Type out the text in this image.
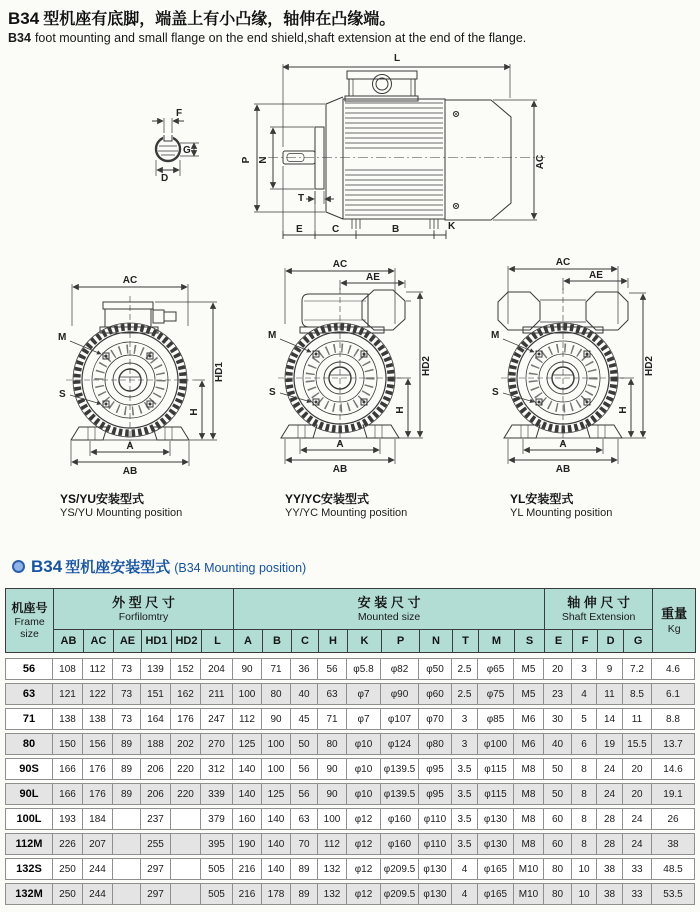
B34 型机座有底脚，端盖上有小凸缘，轴伸在凸缘端。
B34 foot mounting and small flange on the end shield,shaft extension at the end of the flange.
F
G
D
L
AC
P N
T
E	C	B	K
AC
HD1
H
A
AB
M
S
YS/YU安装型式
YS/YU Mounting position
AC
AE
HD2
H
A
AB
M
S
YY/YC安装型式
YY/YC Mounting position
AC
AE
HD2
H
A
AB
M
S
YL安装型式
YL Mounting position
B34 型机座安装型式 (B34 Mounting position)
机座号
Frame
size

外 型 尺 寸
Forfilomtry

安 装 尺 寸
Mounted size

轴 伸 尺 寸
Shaft Extension	重量
Kg

	AB	AC	AE	HD1	HD2	L	A	B	C	H	K	P	N	T	M	S	E	F	D	G	
56	108	112	73	139	152	204	90	71	36	56	φ5.8	φ82	φ50	2.5	φ65	M5	20	3	9	7.2	4.6
63	121	122	73	151	162	211	100	80	40	63	φ7	φ90	φ60	2.5	φ75	M5	23	4	11	8.5	6.1
71	138	138	73	164	176	247	112	90	45	71	φ7	φ107	φ70	3	φ85	M6	30	5	14	11	8.8
80	150	156	89	188	202	270	125	100	50	80	φ10	φ124	φ80	3	φ100	M6	40	6	19	15.5	13.7
90S	166	176	89	206	220	312	140	100	56	90	φ10	φ139.5	φ95	3.5	φ115	M8	50	8	24	20	14.6
90L	166	176	89	206	220	339	140	125	56	90	φ10	φ139.5	φ95	3.5	φ115	M8	50	8	24	20	19.1
100L	193	184		237		379	160	140	63	100	φ12	φ160	φ110	3.5	φ130	M8	60	8	28	24	26
112M	226	207		255		395	190	140	70	112	φ12	φ160	φ110	3.5	φ130	M8	60	8	28	24	38
132S	250	244		297		505	216	140	89	132	φ12	φ209.5	φ130	4	φ165	M10	80	10	38	33	48.5
132M	250	244		297		505	216	178	89	132	φ12	φ209.5	φ130	4	φ165	M10	80	10	38	33	53.5
